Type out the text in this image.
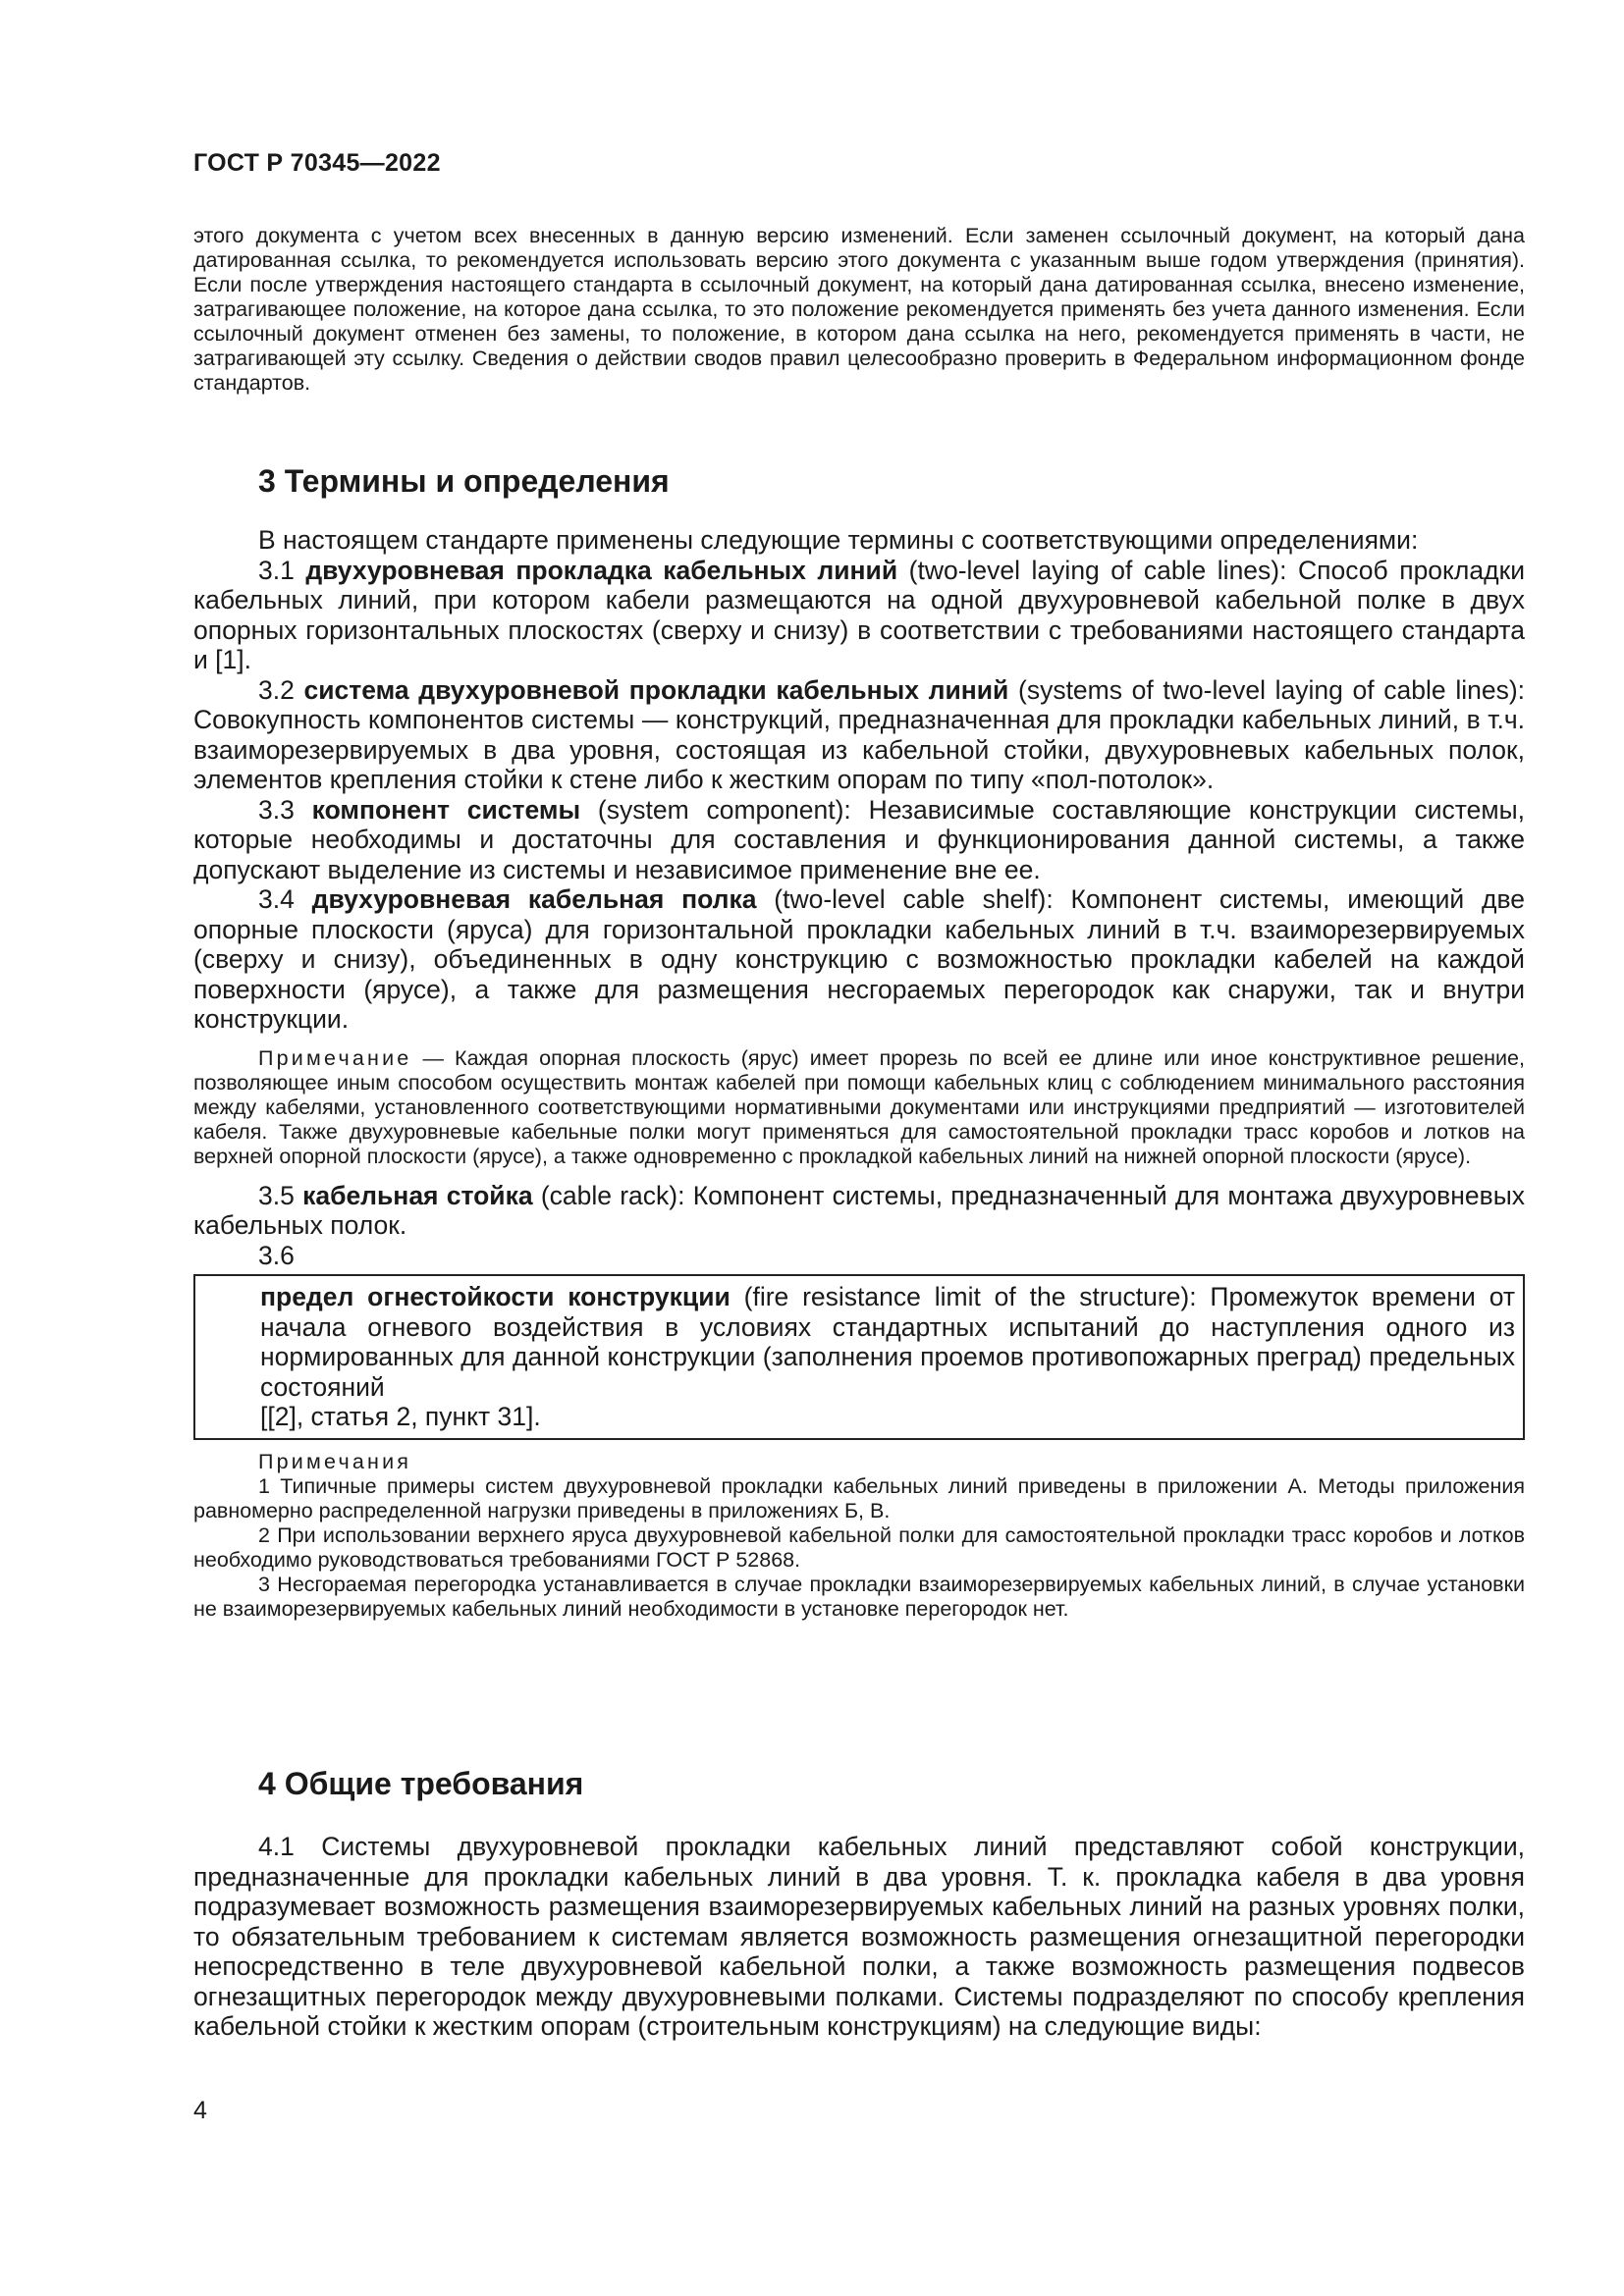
ГОСТ Р 70345—2022

этого документа с учетом всех внесенных в данную версию изменений. Если заменен ссылочный документ, на который дана датированная ссылка, то рекомендуется использовать версию этого документа с указанным выше годом утверждения (принятия). Если после утверждения настоящего стандарта в ссылочный документ, на который дана датированная ссылка, внесено изменение, затрагивающее положение, на которое дана ссылка, то это положение рекомендуется применять без учета данного изменения. Если ссылочный документ отменен без замены, то положение, в котором дана ссылка на него, рекомендуется применять в части, не затрагивающей эту ссылку. Сведения о действии сводов правил целесообразно проверить в Федеральном информационном фонде стандартов.

3 Термины и определения

В настоящем стандарте применены следующие термины с соответствующими определениями:

3.1 двухуровневая прокладка кабельных линий (two-level laying of cable lines): Способ прокладки кабельных линий, при котором кабели размещаются на одной двухуровневой кабельной полке в двух опорных горизонтальных плоскостях (сверху и снизу) в соответствии с требованиями настоящего стандарта и [1].

3.2 система двухуровневой прокладки кабельных линий (systems of two-level laying of cable lines): Совокупность компонентов системы — конструкций, предназначенная для прокладки кабельных линий, в т.ч. взаиморезервируемых в два уровня, состоящая из кабельной стойки, двухуровневых кабельных полок, элементов крепления стойки к стене либо к жестким опорам по типу «пол-потолок».

3.3 компонент системы (system component): Независимые составляющие конструкции системы, которые необходимы и достаточны для составления и функционирования данной системы, а также допускают выделение из системы и независимое применение вне ее.

3.4 двухуровневая кабельная полка (two-level cable shelf): Компонент системы, имеющий две опорные плоскости (яруса) для горизонтальной прокладки кабельных линий в т.ч. взаиморезервируемых (сверху и снизу), объединенных в одну конструкцию с возможностью прокладки кабелей на каждой поверхности (ярусе), а также для размещения несгораемых перегородок как снаружи, так и внутри конструкции.

Примечание — Каждая опорная плоскость (ярус) имеет прорезь по всей ее длине или иное конструктивное решение, позволяющее иным способом осуществить монтаж кабелей при помощи кабельных клиц с соблюдением минимального расстояния между кабелями, установленного соответствующими нормативными документами или инструкциями предприятий — изготовителей кабеля. Также двухуровневые кабельные полки могут применяться для самостоятельной прокладки трасс коробов и лотков на верхней опорной плоскости (ярусе), а также одновременно с прокладкой кабельных линий на нижней опорной плоскости (ярусе).

3.5 кабельная стойка (cable rack): Компонент системы, предназначенный для монтажа двухуровневых кабельных полок.

3.6

предел огнестойкости конструкции (fire resistance limit of the structure): Промежуток времени от начала огневого воздействия в условиях стандартных испытаний до наступления одного из нормированных для данной конструкции (заполнения проемов противопожарных преград) предельных состояний

[[2], статья 2, пункт 31].

Примечания

1 Типичные примеры систем двухуровневой прокладки кабельных линий приведены в приложении А. Методы приложения равномерно распределенной нагрузки приведены в приложениях Б, В.

2 При использовании верхнего яруса двухуровневой кабельной полки для самостоятельной прокладки трасс коробов и лотков необходимо руководствоваться требованиями ГОСТ Р 52868.

3 Несгораемая перегородка устанавливается в случае прокладки взаиморезервируемых кабельных линий, в случае установки не взаиморезервируемых кабельных линий необходимости в установке перегородок нет.

4 Общие требования

4.1 Системы двухуровневой прокладки кабельных линий представляют собой конструкции, предназначенные для прокладки кабельных линий в два уровня. Т. к. прокладка кабеля в два уровня подразумевает возможность размещения взаиморезервируемых кабельных линий на разных уровнях полки, то обязательным требованием к системам является возможность размещения огнезащитной перегородки непосредственно в теле двухуровневой кабельной полки, а также возможность размещения подвесов огнезащитных перегородок между двухуровневыми полками. Системы подразделяют по способу крепления кабельной стойки к жестким опорам (строительным конструкциям) на следующие виды:

4
